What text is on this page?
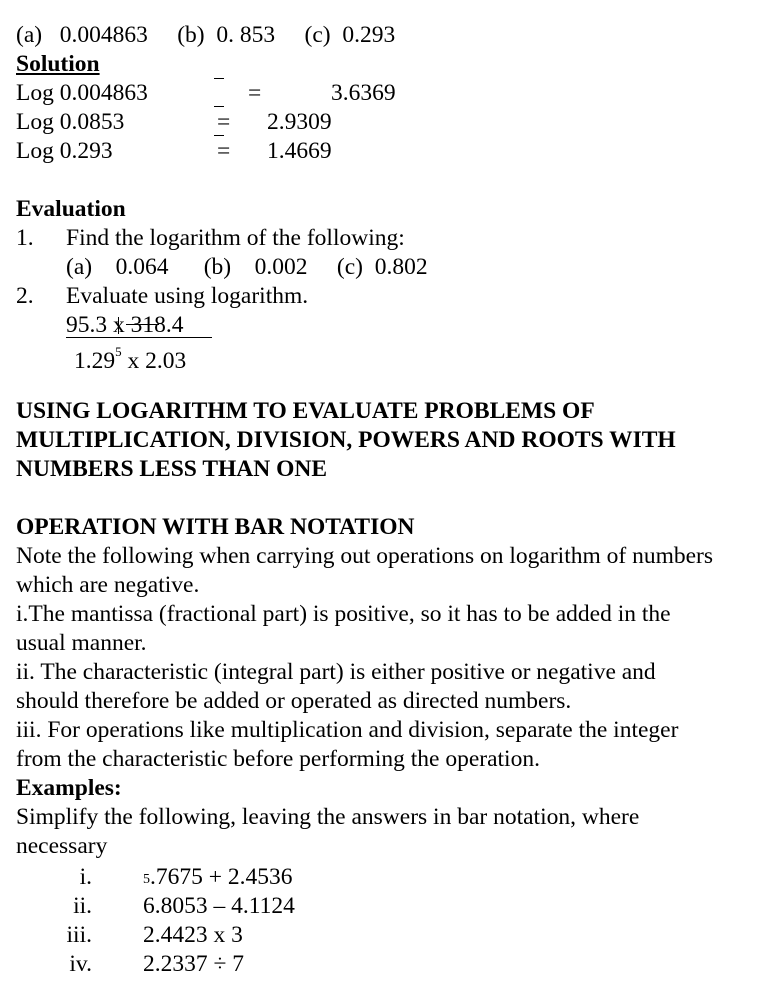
(a) 0.004863 (b) 0. 853 (c) 0.293
Solution
Log 0.004863	=	3.6369
Log 0.0853	= 2.9309
Log 0.293	= 1.4669
Evaluation
1. Find the logarithm of the following:
(a) 0.064 (b) 0.002 (c) 0.802
2. Evaluate using logarithm.
95.3 x 318.4
1.29$^5$ x 2.03
USING LOGARITHM TO EVALUATE PROBLEMS OF
MULTIPLICATION, DIVISION, POWERS AND ROOTS WITH
NUMBERS LESS THAN ONE
OPERATION WITH BAR NOTATION
Note the following when carrying out operations on logarithm of numbers
which are negative.
i.The mantissa (fractional part) is positive, so it has to be added in the
usual manner.
ii. The characteristic (integral part) is either positive or negative and
should therefore be added or operated as directed numbers.
iii. For operations like multiplication and division, separate the integer
from the characteristic before performing the operation.
Examples:
Simplify the following, leaving the answers in bar notation, where
necessary
i.	5.7675 + 2.4536
ii. 6.8053 – 4.1124
iii. 2.4423 x 3
iv. 2.2337 ÷ 7
